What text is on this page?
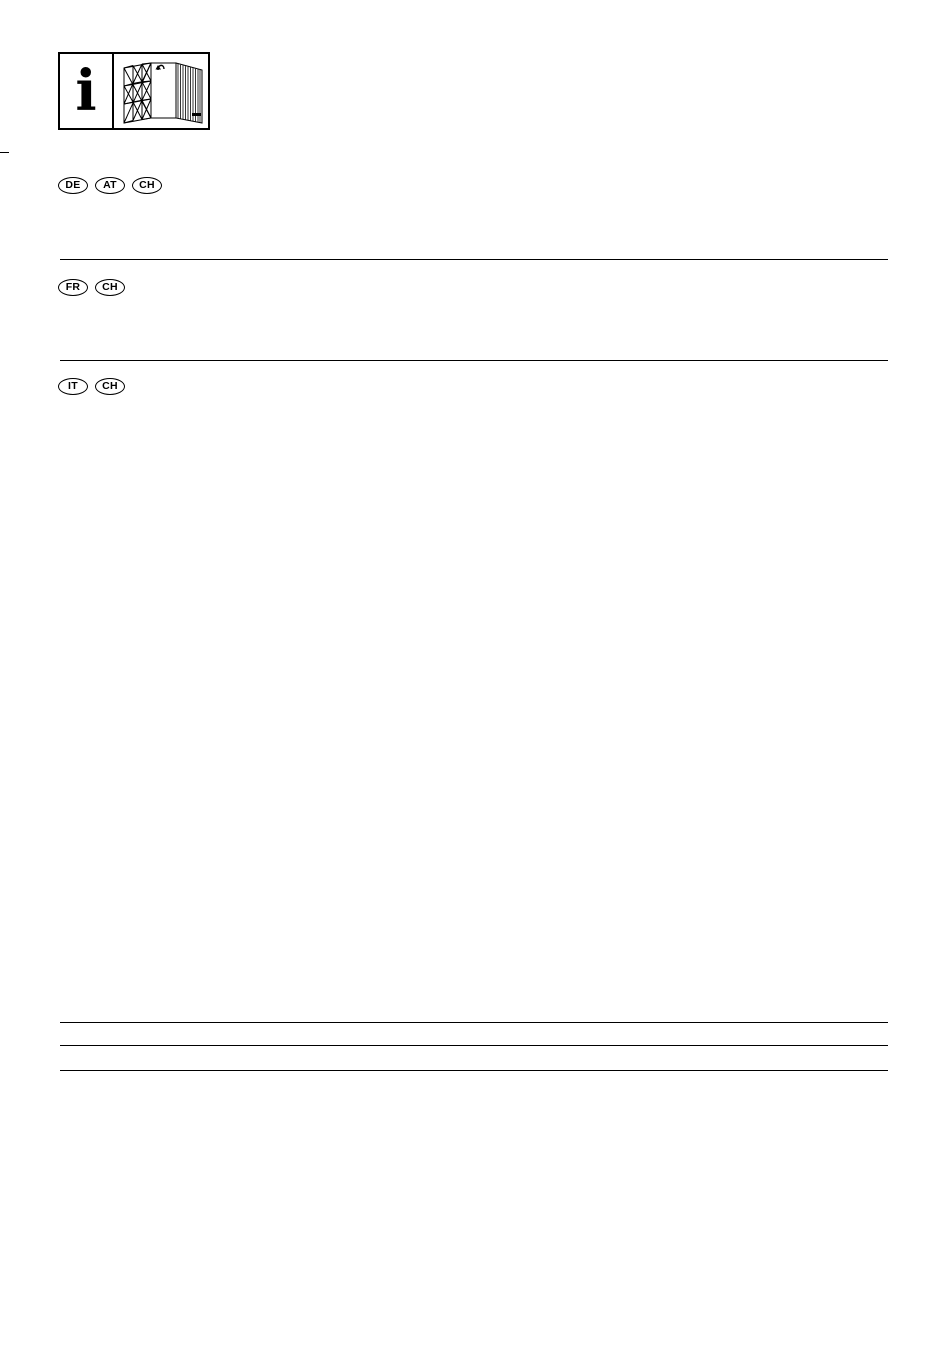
i
DE	AT	CH
FR	CH
IT	CH
